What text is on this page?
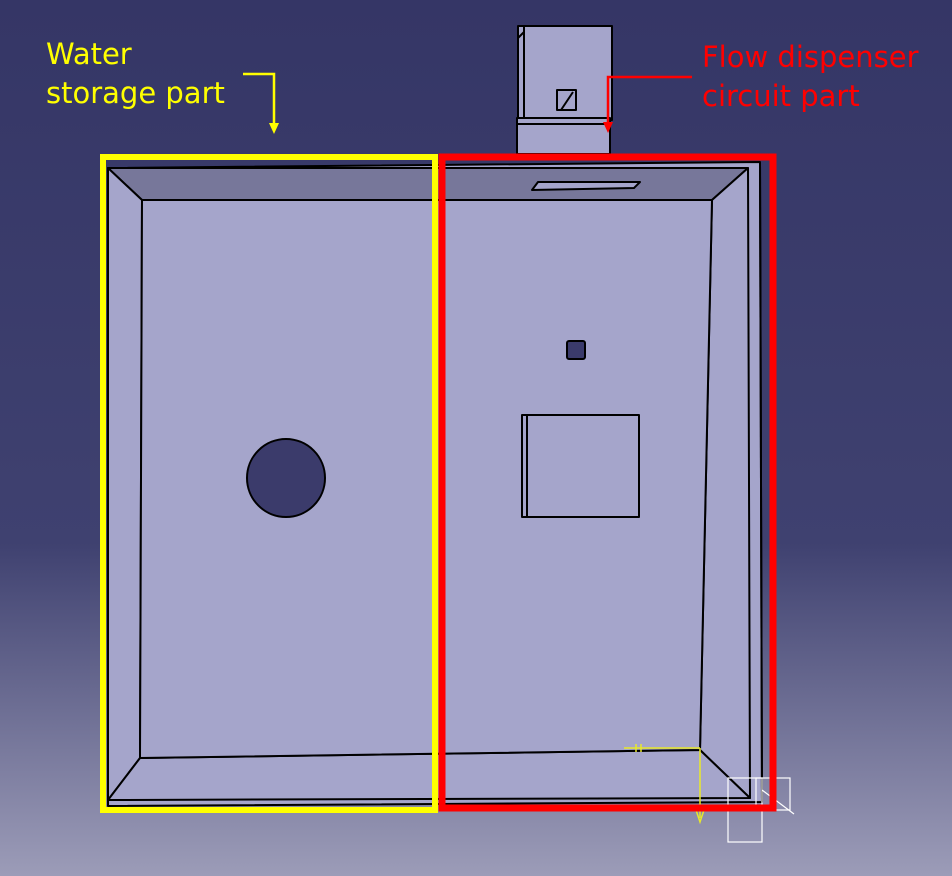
Water storage part
Flow dispenser circuit part
